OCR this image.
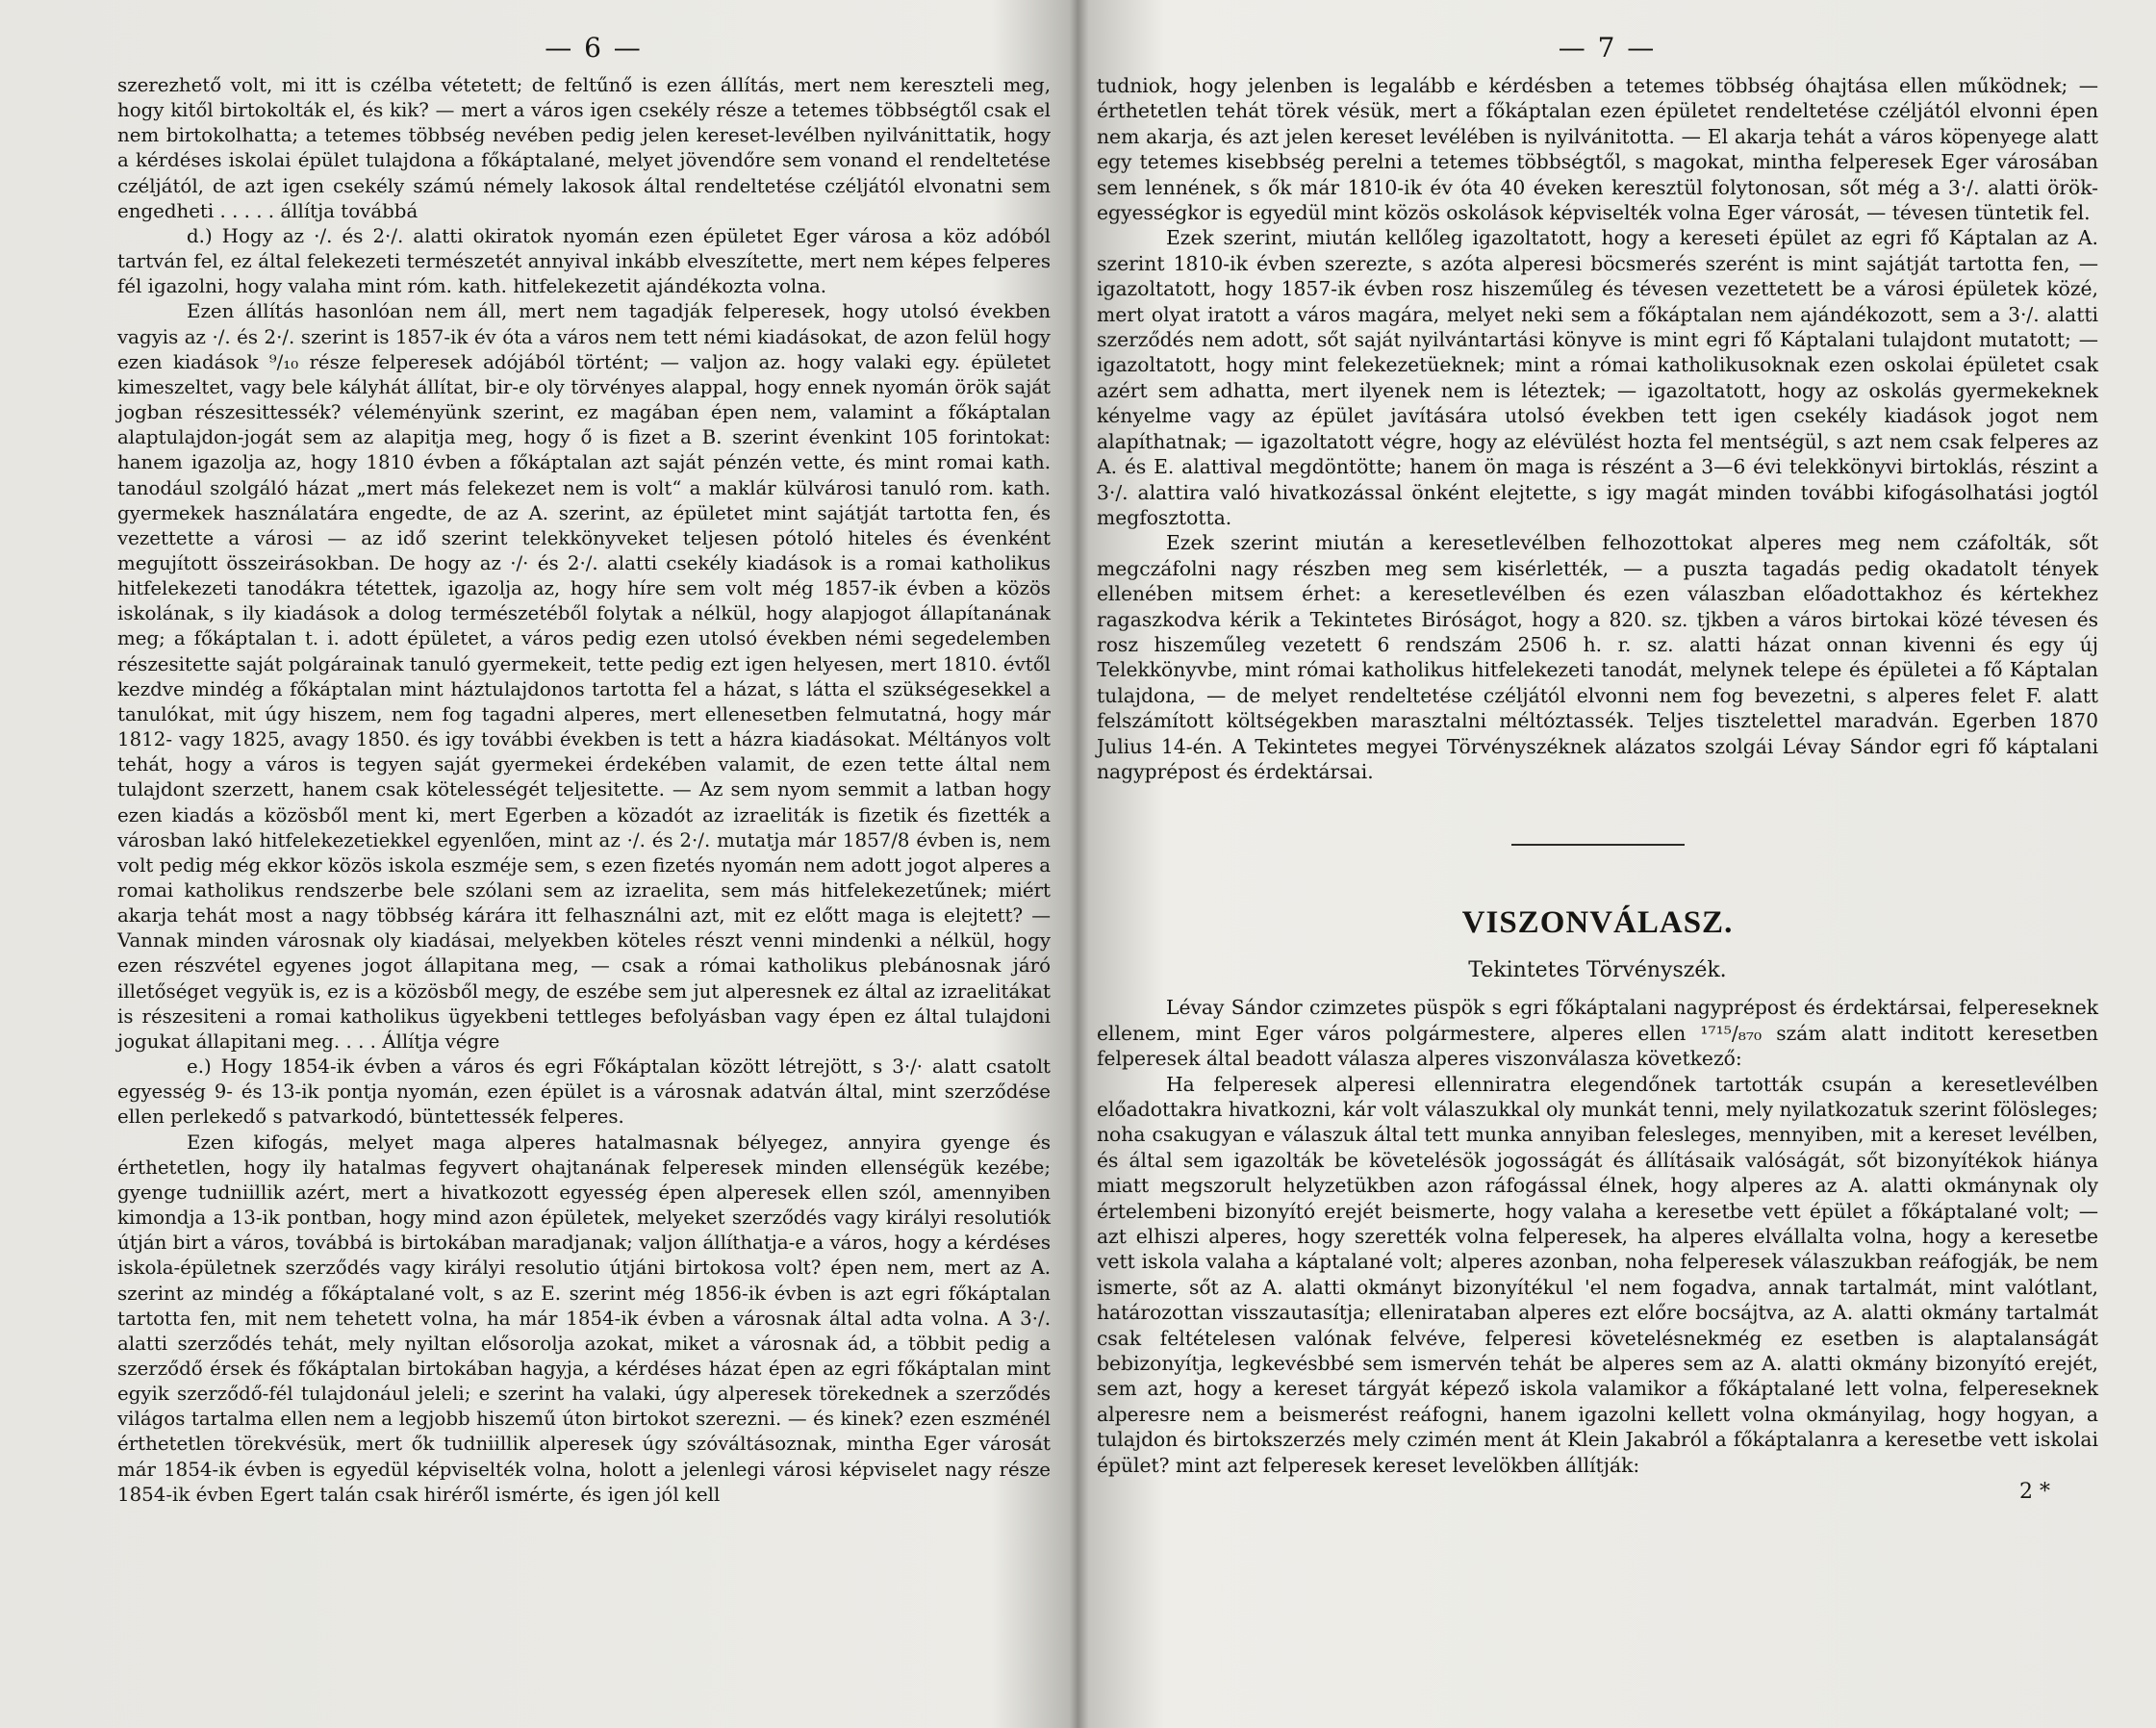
— 6 —

szerezhető volt, mi itt is czélba vétetett; de feltűnő is ezen állítás, mert nem kereszteli meg, hogy kitől birtokolták el, és kik? — mert a város igen csekély része a tetemes többségtől csak el nem birtokolhatta; a tetemes többség nevében pedig jelen kereset-levélben nyilvánittatik, hogy a kérdéses iskolai épület tulajdona a főkáptalané, melyet jövendőre sem vonand el rendeltetése czéljától, de azt igen csekély számú némely lakosok által rendeltetése czéljától elvonatni sem engedheti . . . . . állítja továbbá

d.) Hogy az ·/. és 2·/. alatti okiratok nyomán ezen épületet Eger városa a köz adóból tartván fel, ez által felekezeti természetét annyival inkább elveszítette, mert nem képes felperes fél igazolni, hogy valaha mint róm. kath. hitfelekezetit ajándékozta volna.

Ezen állítás hasonlóan nem áll, mert nem tagadják felperesek, hogy utolsó években vagyis az ·/. és 2·/. szerint is 1857-ik év óta a város nem tett némi kiadásokat, de azon felül hogy ezen kiadások ⁹/₁₀ része felperesek adójából történt; — valjon az. hogy valaki egy. épületet kimeszeltet, vagy bele kályhát állítat, bir-e oly törvényes alappal, hogy ennek nyomán örök saját jogban részesittessék? véleményünk szerint, ez magában épen nem, valamint a főkáptalan alaptulajdon-jogát sem az alapitja meg, hogy ő is fizet a B. szerint évenkint 105 forintokat: hanem igazolja az, hogy 1810 évben a főkáptalan azt saját pénzén vette, és mint romai kath. tanodául szolgáló házat „mert más felekezet nem is volt“ a maklár külvárosi tanuló rom. kath. gyermekek használatára engedte, de az A. szerint, az épületet mint sajátját tartotta fen, és vezettette a városi — az idő szerint telekkönyveket teljesen pótoló hiteles és évenként megujított összeirásokban. De hogy az ·/· és 2·/. alatti csekély kiadások is a romai katholikus hitfelekezeti tanodákra tétettek, igazolja az, hogy híre sem volt még 1857-ik évben a közös iskolának, s ily kiadások a dolog természetéből folytak a nélkül, hogy alapjogot állapítanának meg; a főkáptalan t. i. adott épületet, a város pedig ezen utolsó években némi segedelemben részesitette saját polgárainak tanuló gyermekeit, tette pedig ezt igen helyesen, mert 1810. évtől kezdve mindég a főkáptalan mint háztulajdonos tartotta fel a házat, s látta el szükségesekkel a tanulókat, mit úgy hiszem, nem fog tagadni alperes, mert ellenesetben felmutatná, hogy már 1812- vagy 1825, avagy 1850. és igy további években is tett a házra kiadásokat. Méltányos volt tehát, hogy a város is tegyen saját gyermekei érdekében valamit, de ezen tette által nem tulajdont szerzett, hanem csak kötelességét teljesitette. — Az sem nyom semmit a latban hogy ezen kiadás a közösből ment ki, mert Egerben a közadót az izraeliták is fizetik és fizették a városban lakó hitfelekezetiekkel egyenlően, mint az ·/. és 2·/. mutatja már 1857/8 évben is, nem volt pedig még ekkor közös iskola eszméje sem, s ezen fizetés nyomán nem adott jogot alperes a romai katholikus rendszerbe bele szólani sem az izraelita, sem más hitfelekezetűnek; miért akarja tehát most a nagy többség kárára itt felhasználni azt, mit ez előtt maga is elejtett? — Vannak minden városnak oly kiadásai, melyekben köteles részt venni mindenki a nélkül, hogy ezen részvétel egyenes jogot állapitana meg, — csak a római katholikus plebánosnak járó illetőséget vegyük is, ez is a közösből megy, de eszébe sem jut alperesnek ez által az izraelitákat is részesiteni a romai katholikus ügyekbeni tettleges befolyásban vagy épen ez által tulajdoni jogukat állapitani meg. . . . Állítja végre

e.) Hogy 1854-ik évben a város és egri Főkáptalan között létrejött, s 3·/· alatt csatolt egyesség 9- és 13-ik pontja nyomán, ezen épület is a városnak adatván által, mint szerződése ellen perlekedő s patvarkodó, büntettessék felperes.

Ezen kifogás, melyet maga alperes hatalmasnak bélyegez, annyira gyenge és érthetetlen, hogy ily hatalmas fegyvert ohajtanának felperesek minden ellenségük kezébe; gyenge tudniillik azért, mert a hivatkozott egyesség épen alperesek ellen szól, amennyiben kimondja a 13-ik pontban, hogy mind azon épületek, melyeket szerződés vagy királyi resolutiók útján birt a város, továbbá is birtokában maradjanak; valjon állíthatja-e a város, hogy a kérdéses iskola-épületnek szerződés vagy királyi resolutio útjáni birtokosa volt? épen nem, mert az A. szerint az mindég a főkáptalané volt, s az E. szerint még 1856-ik évben is azt egri főkáptalan tartotta fen, mit nem tehetett volna, ha már 1854-ik évben a városnak által adta volna. A 3·/. alatti szerződés tehát, mely nyiltan elősorolja azokat, miket a városnak ád, a többit pedig a szerződő érsek és főkáptalan birtokában hagyja, a kérdéses házat épen az egri főkáptalan mint egyik szerződő-fél tulajdonául jeleli; e szerint ha valaki, úgy alperesek törekednek a szerződés világos tartalma ellen nem a legjobb hiszemű úton birtokot szerezni. — és kinek? ezen eszménél érthetetlen törekvésük, mert ők tudniillik alperesek úgy szóváltásoznak, mintha Eger városát már 1854-ik évben is egyedül képviselték volna, holott a jelenlegi városi képviselet nagy része 1854-ik évben Egert talán csak hiréről ismérte, és igen jól kell

— 7 —

tudniok, hogy jelenben is legalább e kérdésben a tetemes többség óhajtása ellen működnek; — érthetetlen tehát törek vésük, mert a főkáptalan ezen épületet rendeltetése czéljától elvonni épen nem akarja, és azt jelen kereset levélében is nyilvánitotta. — El akarja tehát a város köpenyege alatt egy tetemes kisebbség perelni a tetemes többségtől, s magokat, mintha felperesek Eger városában sem lennének, s ők már 1810-ik év óta 40 éveken keresztül folytonosan, sőt még a 3·/. alatti örök-egyességkor is egyedül mint közös oskolások képviselték volna Eger városát, — tévesen tüntetik fel.

Ezek szerint, miután kellőleg igazoltatott, hogy a kereseti épület az egri fő Káptalan az A. szerint 1810-ik évben szerezte, s azóta alperesi böcsmerés szerént is mint sajátját tartotta fen, — igazoltatott, hogy 1857-ik évben rosz hiszeműleg és tévesen vezettetett be a városi épületek közé, mert olyat iratott a város magára, melyet neki sem a főkáptalan nem ajándékozott, sem a 3·/. alatti szerződés nem adott, sőt saját nyilvántartási könyve is mint egri fő Káptalani tulajdont mutatott; — igazoltatott, hogy mint felekezetüeknek; mint a római katholikusoknak ezen oskolai épületet csak azért sem adhatta, mert ilyenek nem is léteztek; — igazoltatott, hogy az oskolás gyermekeknek kényelme vagy az épület javítására utolsó években tett igen csekély kiadások jogot nem alapíthatnak; — igazoltatott végre, hogy az elévülést hozta fel mentségül, s azt nem csak felperes az A. és E. alattival megdöntötte; hanem ön maga is részént a 3—6 évi telekkönyvi birtoklás, részint a 3·/. alattira való hivatkozással önként elejtette, s igy magát minden további kifogásolhatási jogtól megfosztotta.

Ezek szerint miután a keresetlevélben felhozottokat alperes meg nem czáfolták, sőt megczáfolni nagy részben meg sem kisérlették, — a puszta tagadás pedig okadatolt tények ellenében mitsem érhet: a keresetlevélben és ezen válaszban előadottakhoz és kértekhez ragaszkodva kérik a Tekintetes Biróságot, hogy a 820. sz. tjkben a város birtokai közé tévesen és rosz hiszeműleg vezetett 6 rendszám 2506 h. r. sz. alatti házat onnan kivenni és egy új Telekkönyvbe, mint római katholikus hitfelekezeti tanodát, melynek telepe és épületei a fő Káptalan tulajdona, — de melyet rendeltetése czéljától elvonni nem fog bevezetni, s alperes felet F. alatt felszámított költségekben marasztalni méltóztassék. Teljes tisztelettel maradván. Egerben 1870 Julius 14-én. A Tekintetes megyei Törvényszéknek alázatos szolgái Lévay Sándor egri fő káptalani nagyprépost és érdektársai.

VISZONVÁLASZ.
Tekintetes Törvényszék.

Lévay Sándor czimzetes püspök s egri főkáptalani nagyprépost és érdektársai, felpereseknek ellenem, mint Eger város polgármestere, alperes ellen ¹⁷¹⁵/₈₇₀ szám alatt inditott keresetben felperesek által beadott válasza alperes viszonválasza következő:

Ha felperesek alperesi ellenniratra elegendőnek tartották csupán a keresetlevélben előadottakra hivatkozni, kár volt válaszukkal oly munkát tenni, mely nyilatkozatuk szerint fölösleges; noha csakugyan e válaszuk által tett munka annyiban felesleges, mennyiben, mit a kereset levélben, és által sem igazolták be követelésök jogosságát és állításaik valóságát, sőt bizonyítékok hiánya miatt megszorult helyzetükben azon ráfogással élnek, hogy alperes az A. alatti okmánynak oly értelembeni bizonyító erejét beismerte, hogy valaha a keresetbe vett épület a főkáptalané volt; — azt elhiszi alperes, hogy szerették volna felperesek, ha alperes elvállalta volna, hogy a keresetbe vett iskola valaha a káptalané volt; alperes azonban, noha felperesek válaszukban reáfogják, be nem ismerte, sőt az A. alatti okmányt bizonyítékul 'el nem fogadva, annak tartalmát, mint valótlant, határozottan visszautasítja; ellenirataban alperes ezt előre bocsájtva, az A. alatti okmány tartalmát csak feltételesen valónak felvéve, felperesi követelésnekmég ez esetben is alaptalanságát bebizonyítja, legkevésbbé sem ismervén tehát be alperes sem az A. alatti okmány bizonyító erejét, sem azt, hogy a kereset tárgyát képező iskola valamikor a főkáptalané lett volna, felpereseknek alperesre nem a beismerést reáfogni, hanem igazolni kellett volna okmányilag, hogy hogyan, a tulajdon és birtokszerzés mely czimén ment át Klein Jakabról a főkáptalanra a keresetbe vett iskolai épület? mint azt felperesek kereset levelökben állítják:

2 *
